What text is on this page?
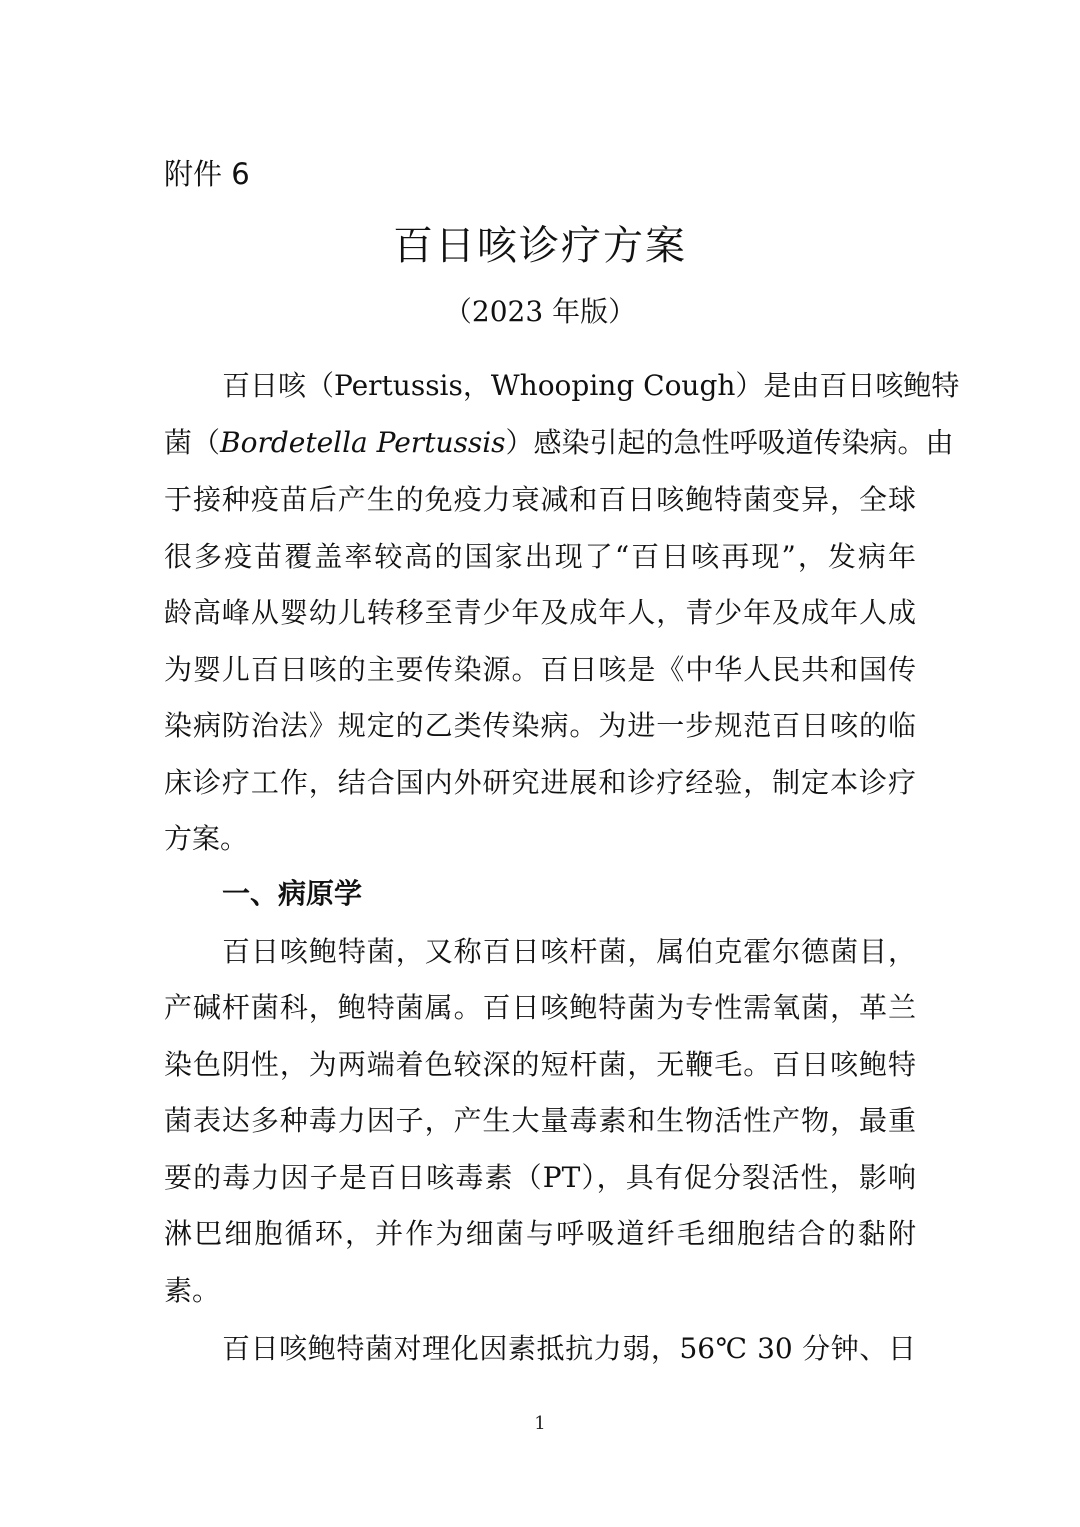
附件 6
百日咳诊疗方案
（2023 年版）
百日咳（Pertussis，Whooping Cough）是由百日咳鲍特
菌（Bordetella Pertussis）感染引起的急性呼吸道传染病。由
于接种疫苗后产生的免疫力衰减和百日咳鲍特菌变异，全球
很多疫苗覆盖率较高的国家出现了“百日咳再现”，发病年
龄高峰从婴幼儿转移至青少年及成年人，青少年及成年人成
为婴儿百日咳的主要传染源。百日咳是《中华人民共和国传
染病防治法》规定的乙类传染病。为进一步规范百日咳的临
床诊疗工作，结合国内外研究进展和诊疗经验，制定本诊疗
方案。
一、病原学
百日咳鲍特菌，又称百日咳杆菌，属伯克霍尔德菌目，
产碱杆菌科，鲍特菌属。百日咳鲍特菌为专性需氧菌，革兰
染色阴性，为两端着色较深的短杆菌，无鞭毛。百日咳鲍特
菌表达多种毒力因子，产生大量毒素和生物活性产物，最重
要的毒力因子是百日咳毒素（PT），具有促分裂活性，影响
淋巴细胞循环，并作为细菌与呼吸道纤毛细胞结合的黏附
素。
百日咳鲍特菌对理化因素抵抗力弱，56℃ 30 分钟、日
1
